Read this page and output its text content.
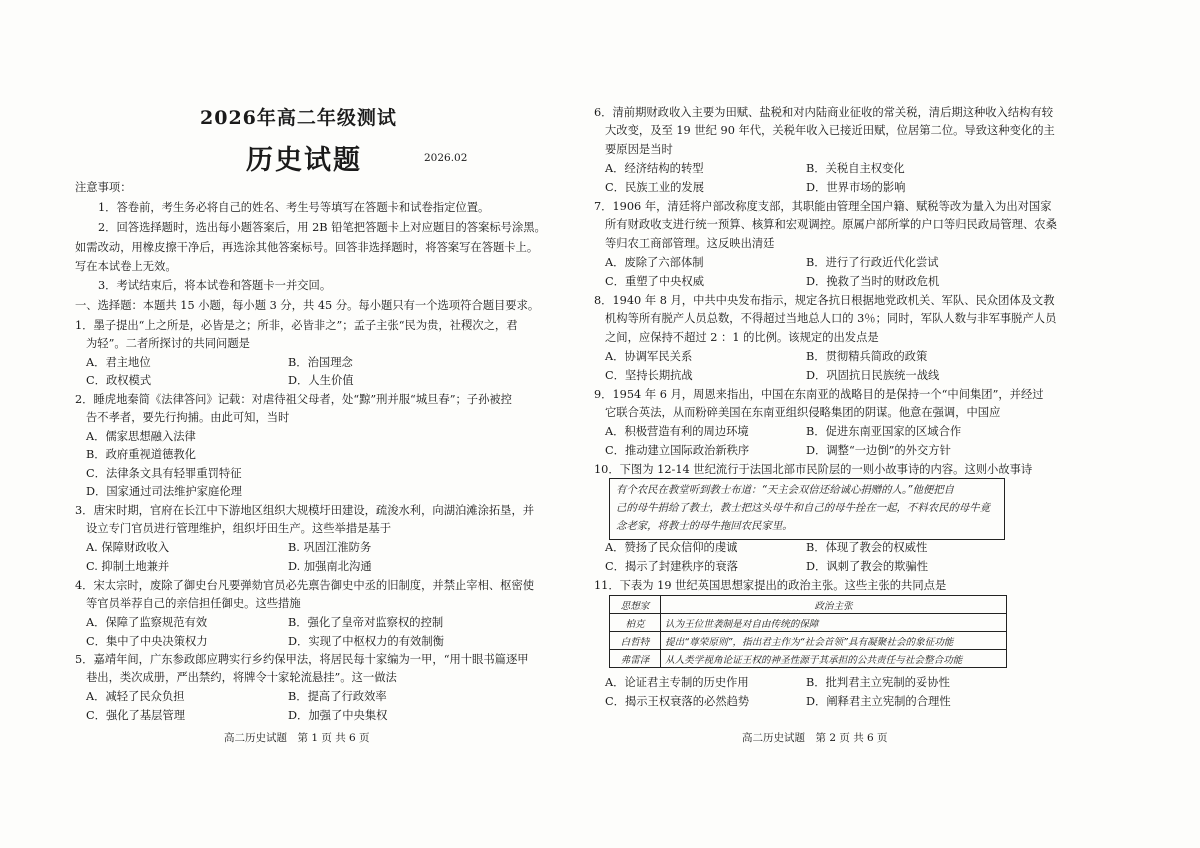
2026年高二年级测试
历史试题	2026.02
注意事项：
1．答卷前，考生务必将自己的姓名、考生号等填写在答题卡和试卷指定位置。
2．回答选择题时，选出每小题答案后，用 2B 铅笔把答题卡上对应题目的答案标号涂黑。
如需改动，用橡皮擦干净后，再选涂其他答案标号。回答非选择题时，将答案写在答题卡上。
写在本试卷上无效。
3．考试结束后，将本试卷和答题卡一并交回。
一、选择题：本题共 15 小题，每小题 3 分，共 45 分。每小题只有一个选项符合题目要求。
1．墨子提出“上之所是，必皆是之；所非，必皆非之”；孟子主张“民为贵，社稷次之，君
为轻”。二者所探讨的共同问题是
A．君主地位	B．治国理念
C．政权模式	D．人生价值
2．睡虎地秦简《法律答问》记载：对虐待祖父母者，处“黥”刑并服“城旦春”；子孙被控
告不孝者，要先行拘捕。由此可知，当时
A．儒家思想融入法律
B．政府重视道德教化
C．法律条文具有轻罪重罚特征
D．国家通过司法维护家庭伦理
3．唐宋时期，官府在长江中下游地区组织大规模圩田建设，疏浚水利，向湖泊滩涂拓垦，并
设立专门官员进行管理维护，组织圩田生产。这些举措是基于
A. 保障财政收入	B. 巩固江淮防务
C. 抑制土地兼并	D. 加强南北沟通
4．宋太宗时，废除了御史台凡要弹劾官员必先禀告御史中丞的旧制度，并禁止宰相、枢密使
等官员举荐自己的亲信担任御史。这些措施
A．保障了监察规范有效	B．强化了皇帝对监察权的控制
C．集中了中央决策权力	D．实现了中枢权力的有效制衡
5．嘉靖年间，广东参政郎应聘实行乡约保甲法，将居民每十家编为一甲，“用十眼书篇逐甲
巷出，类次成册，严出禁约，将牌令十家轮流悬挂”。这一做法
A．减轻了民众负担	B．提高了行政效率
C．强化了基层管理	D．加强了中央集权
高二历史试题　第 1 页 共 6 页
6．清前期财政收入主要为田赋、盐税和对内陆商业征收的常关税，清后期这种收入结构有较
大改变，及至 19 世纪 90 年代，关税年收入已接近田赋，位居第二位。导致这种变化的主
要原因是当时
A．经济结构的转型	B．关税自主权变化
C．民族工业的发展	D．世界市场的影响
7．1906 年，清廷将户部改称度支部，其职能由管理全国户籍、赋税等改为量入为出对国家
所有财政收支进行统一预算、核算和宏观调控。原属户部所掌的户口等归民政局管理、农桑
等归农工商部管理。这反映出清廷
A．废除了六部体制	B．进行了行政近代化尝试
C．重塑了中央权威	D．挽救了当时的财政危机
8．1940 年 8 月，中共中央发布指示，规定各抗日根据地党政机关、军队、民众团体及文教
机构等所有脱产人员总数，不得超过当地总人口的 3％；同时，军队人数与非军事脱产人员
之间，应保持不超过 2 ：1 的比例。该规定的出发点是
A．协调军民关系	B．贯彻精兵简政的政策
C．坚持长期抗战	D．巩固抗日民族统一战线
9．1954 年 6 月，周恩来指出，中国在东南亚的战略目的是保持一个“中间集团”，并经过
它联合英法，从而粉碎美国在东南亚组织侵略集团的阴谋。他意在强调，中国应
A．积极营造有利的周边环境	B．促进东南亚国家的区域合作
C．推动建立国际政治新秩序	D．调整“一边倒”的外交方针
10．下图为 12-14 世纪流行于法国北部市民阶层的一则小故事诗的内容。这则小故事诗

有个农民在教堂听到教士布道：“天主会双倍还给诚心捐赠的人。”他便把自

己的母牛捐给了教士，教士把这头母牛和自己的母牛拴在一起，不料农民的母牛竟

念老家，将教士的母牛拖回农民家里。

A．赞扬了民众信仰的虔诚	B．体现了教会的权威性
C．揭示了封建秩序的衰落	D．讽刺了教会的欺骗性
11．下表为 19 世纪英国思想家提出的政治主张。这些主张的共同点是
思想家	政治主张
柏克	认为王位世袭制是对自由传统的保障
白哲特	提出“尊荣原则”，指出君主作为“社会首领”具有凝聚社会的象征功能
弗雷泽	从人类学视角论证王权的神圣性源于其承担的公共责任与社会整合功能
A．论证君主专制的历史作用	B．批判君主立宪制的妥协性
C．揭示王权衰落的必然趋势	D．阐释君主立宪制的合理性
高二历史试题　第 2 页 共 6 页
